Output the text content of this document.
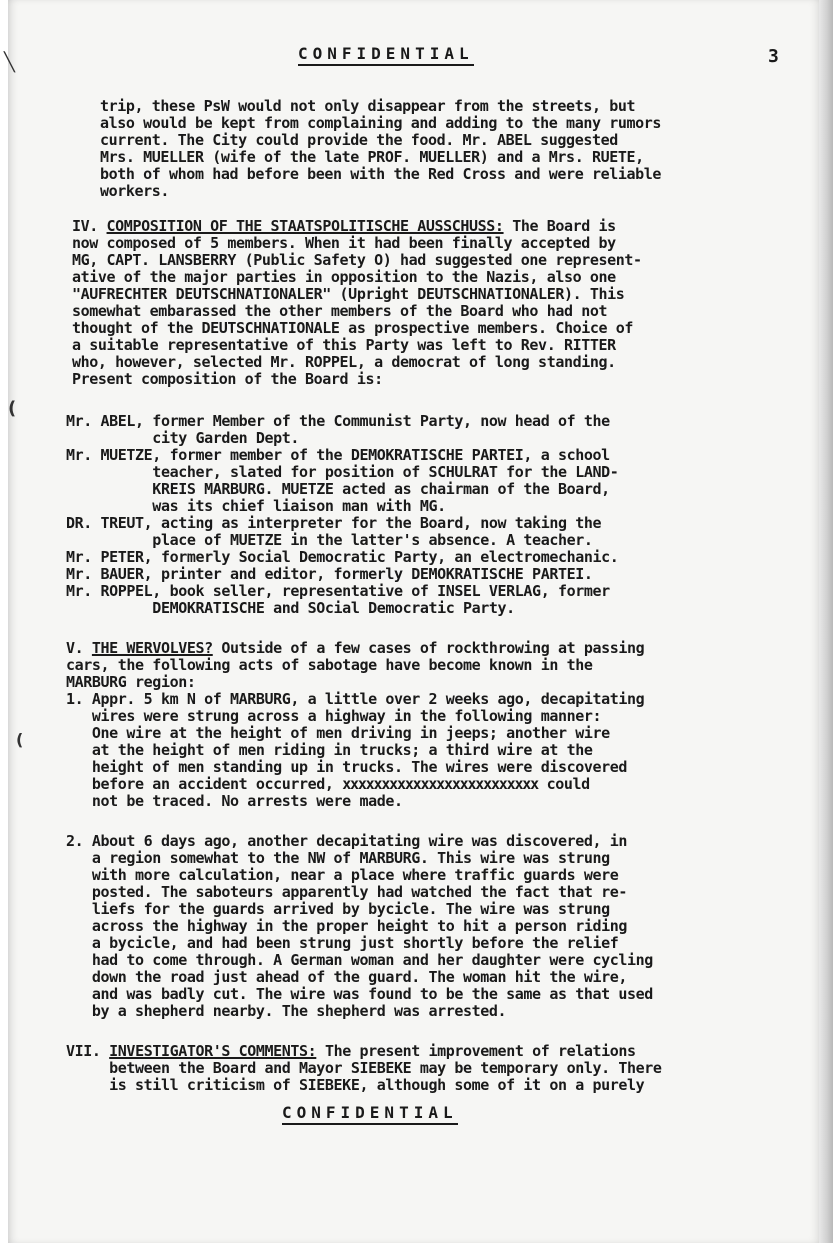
╲
(
(
CONFIDENTIAL	3
trip, these PsW would not only disappear from the streets, but
also would be kept from complaining and adding to the many rumors
current. The City could provide the food. Mr. ABEL suggested
Mrs. MUELLER (wife of the late PROF. MUELLER) and a Mrs. RUETE,
both of whom had before been with the Red Cross and were reliable
workers.
IV. COMPOSITION OF THE STAATSPOLITISCHE AUSSCHUSS: The Board is
now composed of 5 members. When it had been finally accepted by
MG, CAPT. LANSBERRY (Public Safety O) had suggested one represent-
ative of the major parties in opposition to the Nazis, also one
"AUFRECHTER DEUTSCHNATIONALER" (Upright DEUTSCHNATIONALER). This
somewhat embarassed the other members of the Board who had not
thought of the DEUTSCHNATIONALE as prospective members. Choice of
a suitable representative of this Party was left to Rev. RITTER
who, however, selected Mr. ROPPEL, a democrat of long standing.
Present composition of the Board is:
Mr. ABEL, former Member of the Communist Party, now head of the
city Garden Dept.
Mr. MUETZE, former member of the DEMOKRATISCHE PARTEI, a school
teacher, slated for position of SCHULRAT for the LAND-
KREIS MARBURG. MUETZE acted as chairman of the Board,
was its chief liaison man with MG.
DR. TREUT, acting as interpreter for the Board, now taking the
place of MUETZE in the latter's absence. A teacher.
Mr. PETER, formerly Social Democratic Party, an electromechanic.
Mr. BAUER, printer and editor, formerly DEMOKRATISCHE PARTEI.
Mr. ROPPEL, book seller, representative of INSEL VERLAG, former
DEMOKRATISCHE and SOcial Democratic Party.
V. THE WERVOLVES? Outside of a few cases of rockthrowing at passing
cars, the following acts of sabotage have become known in the
MARBURG region:
1. Appr. 5 km N of MARBURG, a little over 2 weeks ago, decapitating
wires were strung across a highway in the following manner:
One wire at the height of men driving in jeeps; another wire
at the height of men riding in trucks; a third wire at the
height of men standing up in trucks. The wires were discovered
before an accident occurred, xxxxxxxxxxxxxxxxxxxxxxxxx could
not be traced. No arrests were made.
2. About 6 days ago, another decapitating wire was discovered, in
a region somewhat to the NW of MARBURG. This wire was strung
with more calculation, near a place where traffic guards were
posted. The saboteurs apparently had watched the fact that re-
liefs for the guards arrived by bycicle. The wire was strung
across the highway in the proper height to hit a person riding
a bycicle, and had been strung just shortly before the relief
had to come through. A German woman and her daughter were cycling
down the road just ahead of the guard. The woman hit the wire,
and was badly cut. The wire was found to be the same as that used
by a shepherd nearby. The shepherd was arrested.
VII. INVESTIGATOR'S COMMENTS: The present improvement of relations
between the Board and Mayor SIEBEKE may be temporary only. There
is still criticism of SIEBEKE, although some of it on a purely
CONFIDENTIAL
